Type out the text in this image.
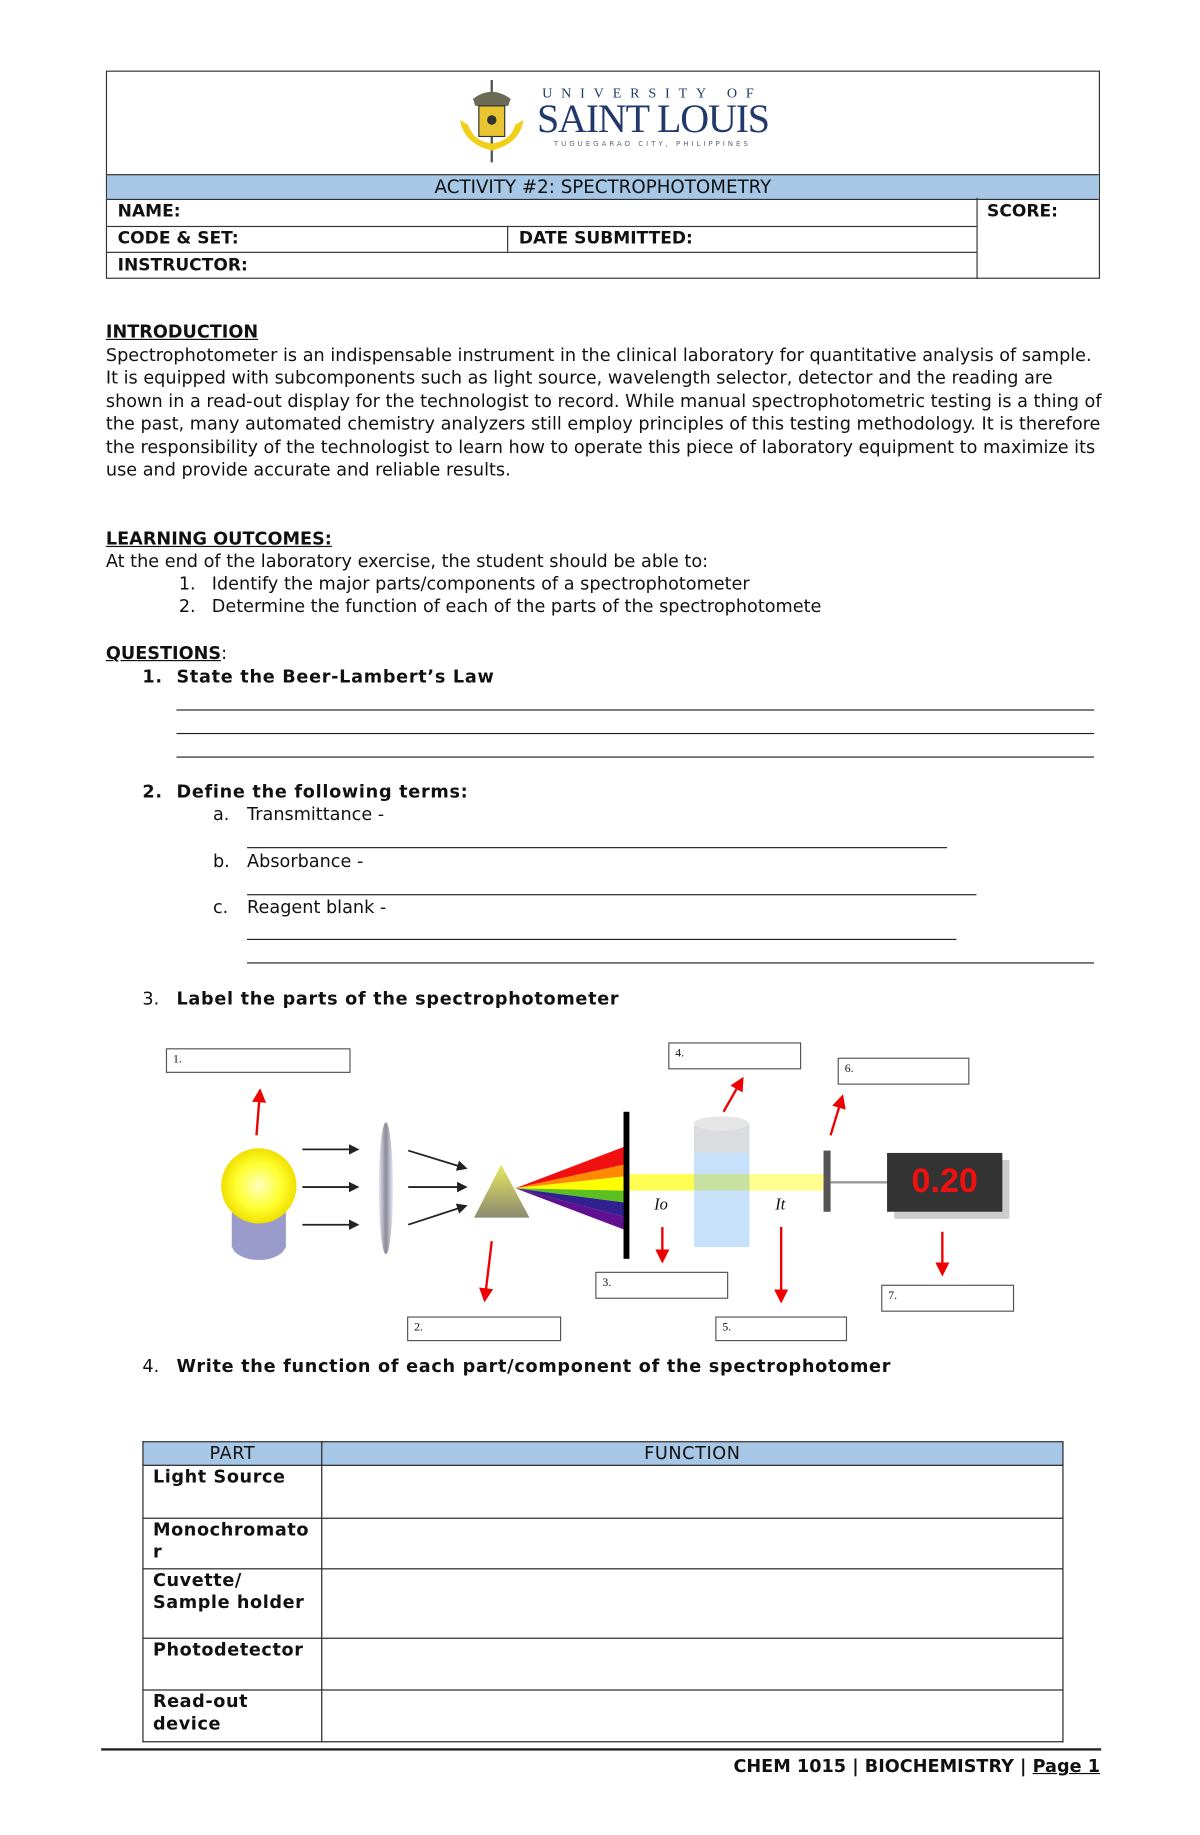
UNIVERSITY OF
SAINT LOUIS
TUGUEGARAO CITY, PHILIPPINES
ACTIVITY #2: SPECTROPHOTOMETRY
NAME:	SCORE:
CODE & SET:	DATE SUBMITTED:
INSTRUCTOR:
INTRODUCTION
Spectrophotometer is an indispensable instrument in the clinical laboratory for quantitative analysis of sample. It is equipped with subcomponents such as light source, wavelength selector, detector and the reading are shown in a read-out display for the technologist to record. While manual spectrophotometric testing is a thing of the past, many automated chemistry analyzers still employ principles of this testing methodology. It is therefore the responsibility of the technologist to learn how to operate this piece of laboratory equipment to maximize its use and provide accurate and reliable results.
LEARNING OUTCOMES:
At the end of the laboratory exercise, the student should be able to:
1. Identify the major parts/components of a spectrophotometer
2. Determine the function of each of the parts of the spectrophotomete
QUESTIONS:
1. State the Beer-Lambert’s Law
2. Define the following terms:
a. Transmittance -
b. Absorbance -
c. Reagent blank -
3. Label the parts of the spectrophotometer
0.20
Io	It
1.
2.
3.
4.
5.
6.
7.
4. Write the function of each part/component of the spectrophotomer
PART	FUNCTION
Light Source	
Monochromator	
Cuvette/ Sample holder	
Photodetector	
Read-out device	
CHEM 1015 | BIOCHEMISTRY | Page 1
